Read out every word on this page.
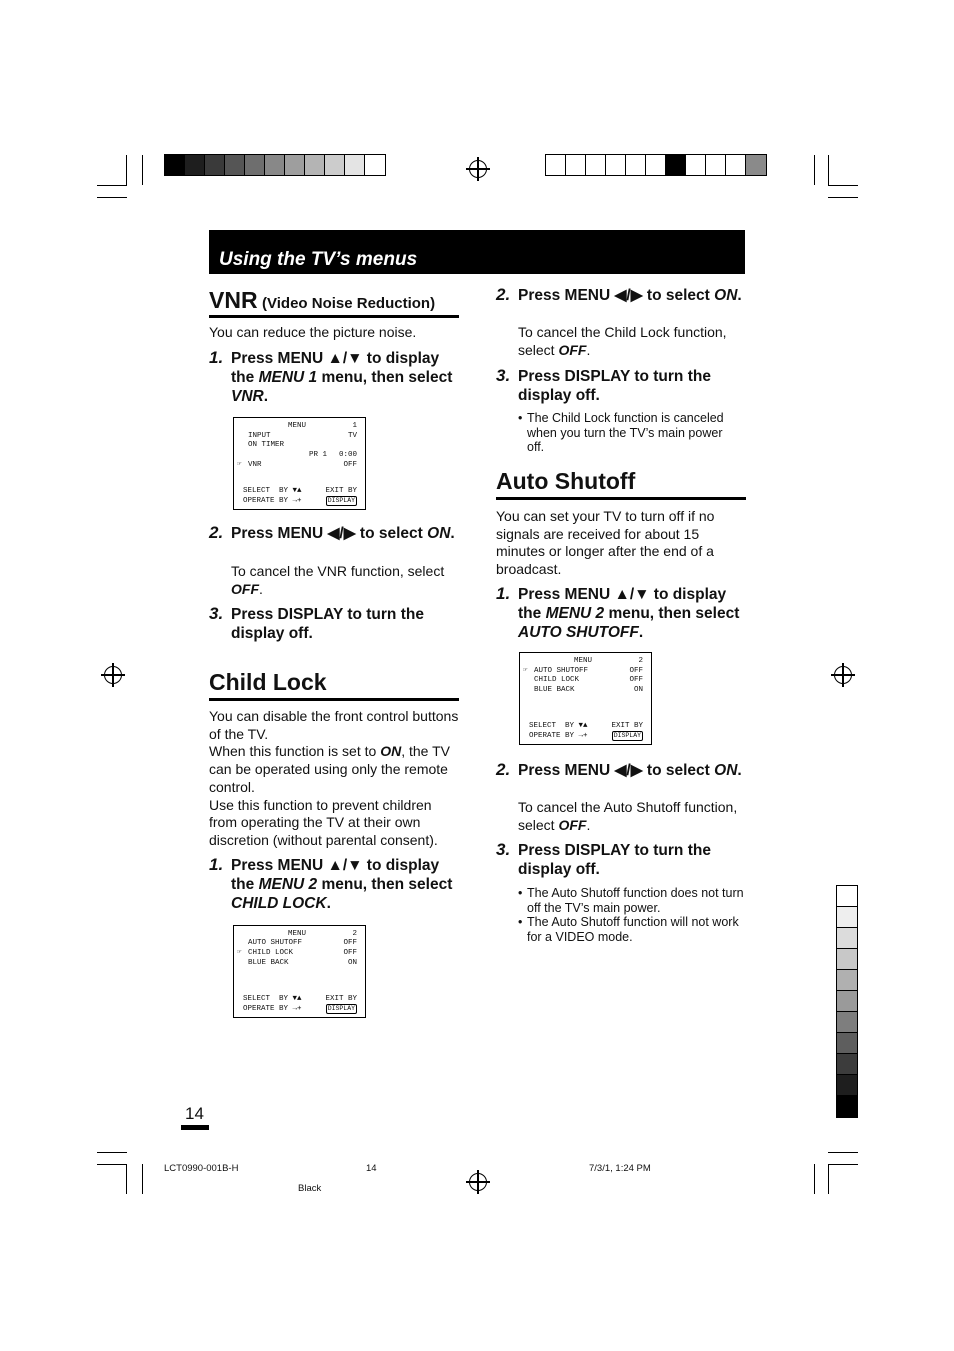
Using the TV’s menus
VNR (Video Noise Reduction)
You can reduce the picture noise.
1. Press MENU ▲/▼ to display the MENU 1 menu, then select VNR.
MENU	1
INPUT	TV
ON TIMER
PR 1 0:00
☞ VNR	OFF
SELECT  BY ▼▲	EXIT BY
OPERATE BY →+	DISPLAY
2. Press MENU ◀/▶ to select ON.
To cancel the VNR function, select OFF.
3. Press DISPLAY to turn the display off.
Child Lock
You can disable the front control buttons of the TV.
When this function is set to ON, the TV can be operated using only the remote control.
Use this function to prevent children from operating the TV at their own discretion (without parental consent).
1. Press MENU ▲/▼ to display the MENU 2 menu, then select CHILD LOCK.
MENU	2
AUTO SHUTOFF	OFF
☞ CHILD LOCK	OFF
BLUE BACK	ON
SELECT  BY ▼▲	EXIT BY
OPERATE BY →+	DISPLAY
2. Press MENU ◀/▶ to select ON.
To cancel the Child Lock function, select OFF.
3. Press DISPLAY to turn the display off.
• The Child Lock function is canceled when you turn the TV’s main power off.
Auto Shutoff
You can set your TV to turn off if no signals are received for about 15 minutes or longer after the end of a broadcast.
1. Press MENU ▲/▼ to display the MENU 2 menu, then select AUTO SHUTOFF.
MENU	2
☞ AUTO SHUTOFF	OFF
CHILD LOCK	OFF
BLUE BACK	ON
SELECT  BY ▼▲	EXIT BY
OPERATE BY →+	DISPLAY
2. Press MENU ◀/▶ to select ON.
To cancel the Auto Shutoff function, select OFF.
3. Press DISPLAY to turn the display off.
• The Auto Shutoff function does not turn off the TV’s main power.
• The Auto Shutoff function will not work for a VIDEO mode.
14
LCT0990-001B-H	14	7/3/1, 1:24 PM
Black
